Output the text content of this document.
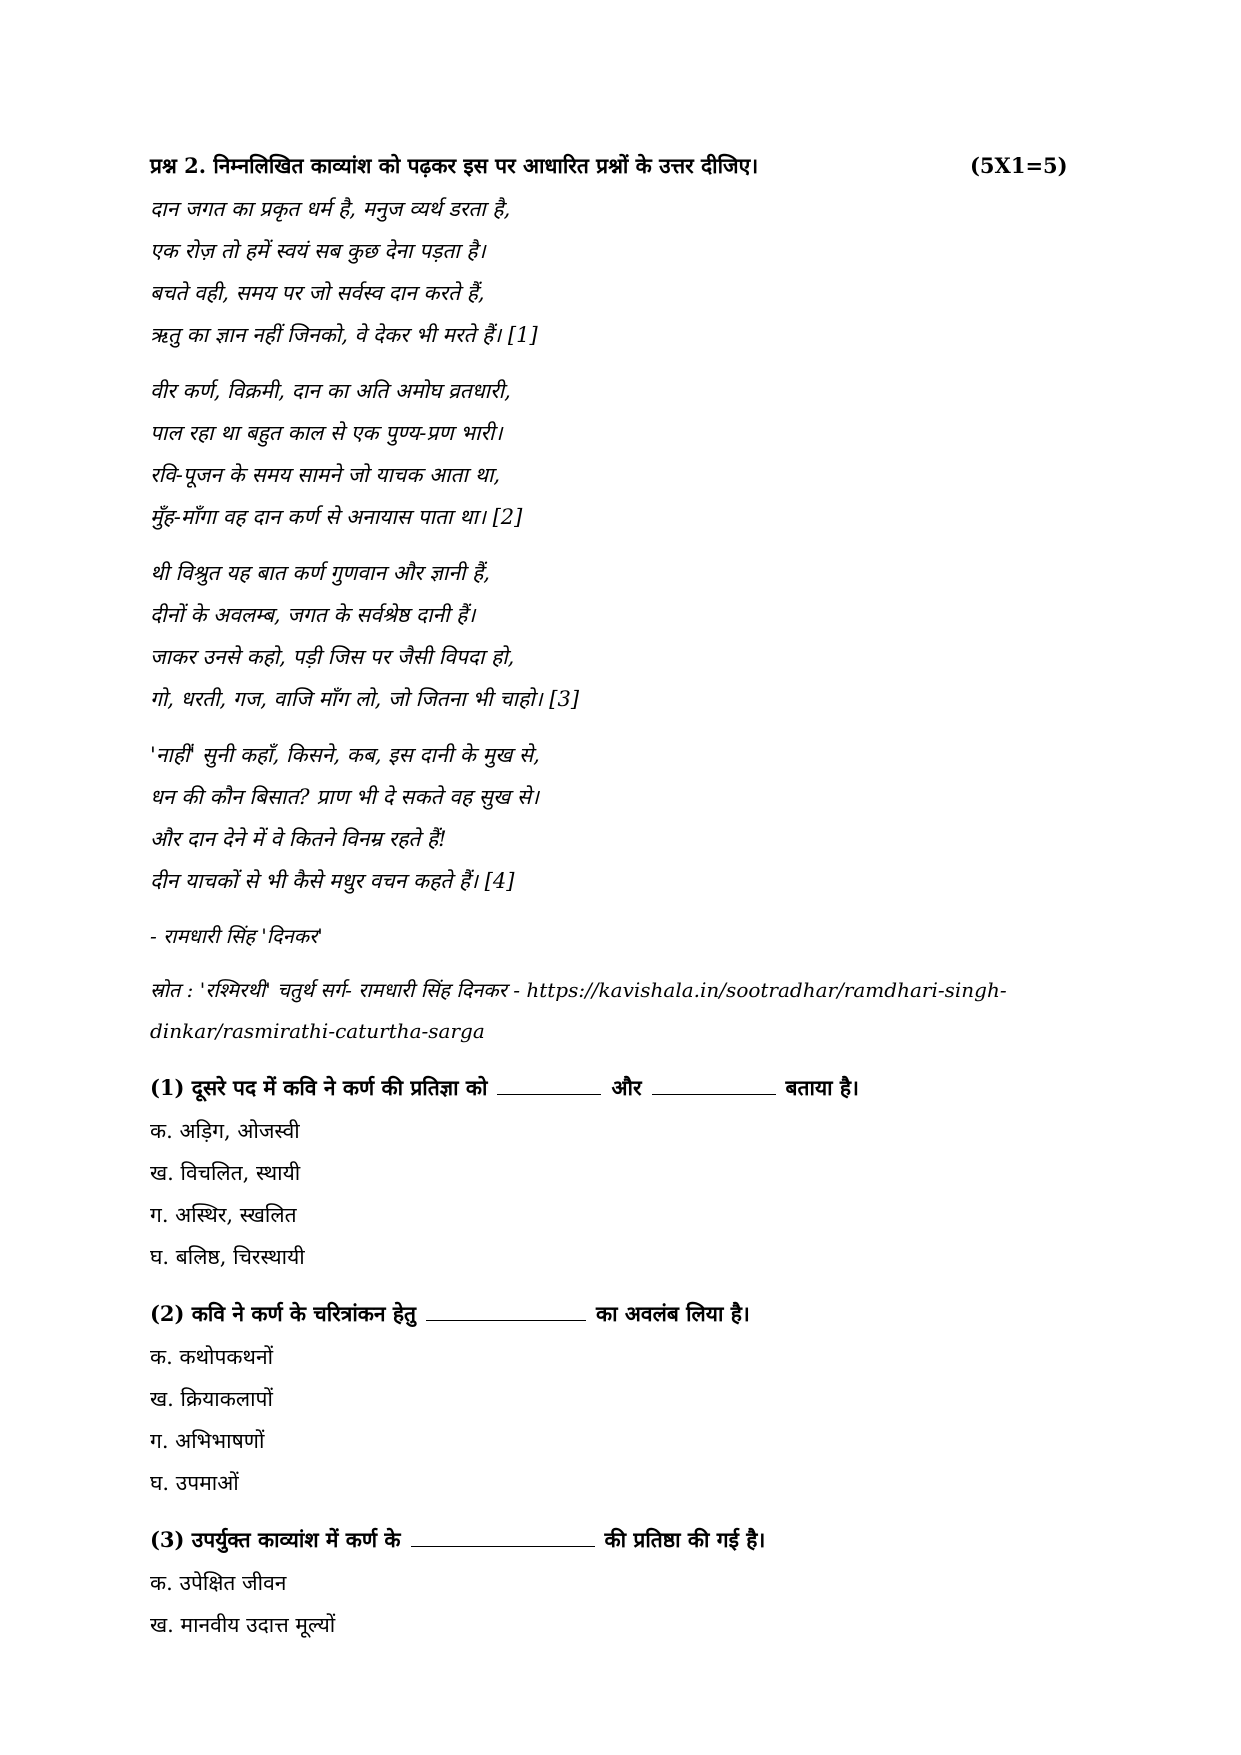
प्रश्न 2. निम्नलिखित काव्यांश को पढ़कर इस पर आधारित प्रश्नों के उत्तर दीजिए।	(5X1=5)
दान जगत का प्रकृत धर्म है, मनुज व्यर्थ डरता है,
एक रोज़ तो हमें स्वयं सब कुछ देना पड़ता है।
बचते वही, समय पर जो सर्वस्व दान करते हैं,
ऋतु का ज्ञान नहीं जिनको, वे देकर भी मरते हैं। [1]
वीर कर्ण, विक्रमी, दान का अति अमोघ व्रतधारी,
पाल रहा था बहुत काल से एक पुण्य-प्रण भारी।
रवि-पूजन के समय सामने जो याचक आता था,
मुँह-माँगा वह दान कर्ण से अनायास पाता था। [2]
थी विश्रुत यह बात कर्ण गुणवान और ज्ञानी हैं,
दीनों के अवलम्ब, जगत के सर्वश्रेष्ठ दानी हैं।
जाकर उनसे कहो, पड़ी जिस पर जैसी विपदा हो,
गो, धरती, गज, वाजि माँग लो, जो जितना भी चाहो। [3]
'नाहीं' सुनी कहाँ, किसने, कब, इस दानी के मुख से,
धन की कौन बिसात? प्राण भी दे सकते वह सुख से।
और दान देने में वे कितने विनम्र रहते हैं!
दीन याचकों से भी कैसे मधुर वचन कहते हैं। [4]
- रामधारी सिंह 'दिनकर'
स्रोत : 'रश्मिरथी' चतुर्थ सर्ग- रामधारी सिंह दिनकर - https://kavishala.in/sootradhar/ramdhari-singh-dinkar/rasmirathi-caturtha-sarga
(1) दूसरे पद में कवि ने कर्ण की प्रतिज्ञा को	और	बताया है।
क. अड़िग, ओजस्वी
ख. विचलित, स्थायी
ग. अस्थिर, स्खलित
घ. बलिष्ठ, चिरस्थायी
(2) कवि ने कर्ण के चरित्रांकन हेतु	का अवलंब लिया है।
क. कथोपकथनों
ख. क्रियाकलापों
ग. अभिभाषणों
घ. उपमाओं
(3) उपर्युक्त काव्यांश में कर्ण के	की प्रतिष्ठा की गई है।
क. उपेक्षित जीवन
ख. मानवीय उदात्त मूल्यों
